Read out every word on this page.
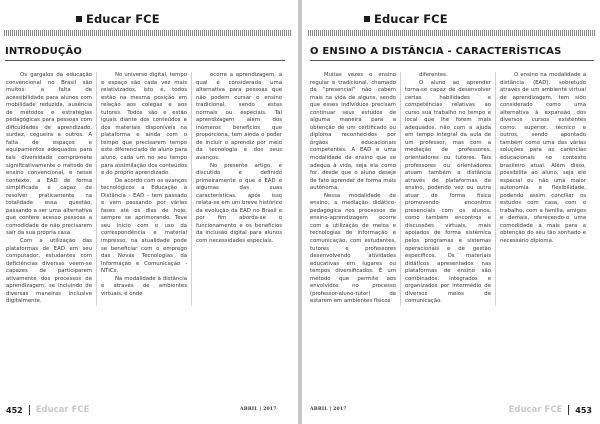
Educar FCE
INTRODUÇÃO

Os gargalos da educação convencional no Brasil são muitos: a falta de acessibilidade para alunos com mobilidade reduzida, ausência de métodos e estratégias pedagógicas para pessoas com dificuldades de aprendizado, surdez, cegueira e outros. A falta de espaços e equipamentos adequados para tais diversidade compromete significativamente o método de ensino convencional, e nesse contexto, a EAD de forma simplificada é capaz de resolver praticamente na totalidade essa questão, passando a ser uma alternativa que confere acesso pessoas a comodidade de não precisarem sair da sua própria casa.

Com a utilização das plataformas de EAD em seu computador, estudantes com deficiências diversas veem-se capazes de participarem ativamente dos processos de aprendizagem, se incluindo de diversas maneiras inclusive digitalmente.

No universo digital, tempo e espaço são cada vez mais relativizados, isto é, todos estão na mesma posição em relação aos colegas e aos tutores. Todos são e estão iguais diante dos conteúdos e dos materiais disponíveis na plataforma e ainda com o tempo que precisarem tempo este diferenciado de aluno para aluno, cada um no seu tempo para assimilação dos conteúdos e do próprio aprendizado.

De acordo com os avanços tecnológicos a Educação à Distância - EAD - tem passado e vem passando por várias fases até os dias de hoje, sempre se aprimorando. Teve seu início com o uso da correspondência e material impresso, na atualidade pode se beneficiar com o emprego das Novas Tecnologias da Informação e Comunicação - NTICs.

Na modalidade à distância e através de ambientes virtuais, é onde

ocorre a aprendizagem, a qual é considerada uma alternativa para pessoas que não podem cursar o ensino tradicional, sendo estas normais ou especiais. Tal aprendizagem além dos inúmeros benefícios que proporciona, tem ainda o poder de incluir o aprendiz por meio da tecnologia e dos seus avanços.

No presente artigo, é discutido e definido primeiramente o que é EAD e algumas das suas características, após isso relata-se em um breve histórico da evolução da EAD no Brasil e por fim aborda-se o funcionamento e os benefícios da inclusão digital para alunos com necessidades especiais.

452 Educar FCE	ABRIL | 2017
Educar FCE
O ENSINO A DISTÂNCIA - CARACTERÍSTICAS

Muitas vezes o ensino regular e tradicional, chamado de "presencial" não cabem mais na vida de alguns, sendo que esses indivíduos precisam continuar seus estudos de alguma maneira para a obtenção de um certificado ou diploma reconhecidos por órgãos educacionais competentes. A EAD é uma modalidade de ensino que se adequa à vida, seja ela como for, desde que o aluno deseje de fato aprender de forma mais autônoma.

Nessa modalidade de ensino, a mediação didático-pedagógica nos processos de ensino-aprendizagem ocorre com a utilização de meios e tecnologias de informação e comunicação, com estudantes, tutores e professores desenvolvendo atividades educativas em lugares ou tempos diversificados. É um método que permite aos envolvidos no processo (professor-aluno-tutor) de estarem em ambientes físicos

diferentes.

O aluno ao aprender torna-se capaz de desenvolver certas habilidades e competências relativas ao curso sua trabalho no tempo e local que lhe forem mais adequados, não com a ajuda em tempo integral da aula de um professor, mas com a mediação de professores, orientadores ou tutores. Tais professores ou orientadores atuam também a distância através de plataformas de ensino, podendo vez ou outra atuar de forma física promovendo encontros presenciais com os alunos, como também encontros e discussões virtuais, mais apoiados de forma sistêmica pelos programas e sistemas operacionais e de gestão específicos. Os materiais didáticos apresentados nas plataformas de ensino são combinados, integrados e organizados por intermédio de diversos meios de comunicação.

O ensino na modalidade a distância (EAD), sobretudo através de um ambiente virtual de aprendizagem, tem sido considerado como uma alternativa à expansão dos diversos cursos existentes como: superior, técnico e outros, sendo apontado também como uma das várias soluções para as carências educacionais no contexto brasileiro atual. Além disso, possibilita ao aluno, seja ele especial ou não uma maior autonomia e flexibilidade, podendo assim conciliar os estudos com casa, com o trabalho, com a família, amigos e demais, oferecendo-o uma comodidade a mais para a obtenção do seu tão sonhado e necessário diploma.

ABRIL | 2017	Educar FCE 453
